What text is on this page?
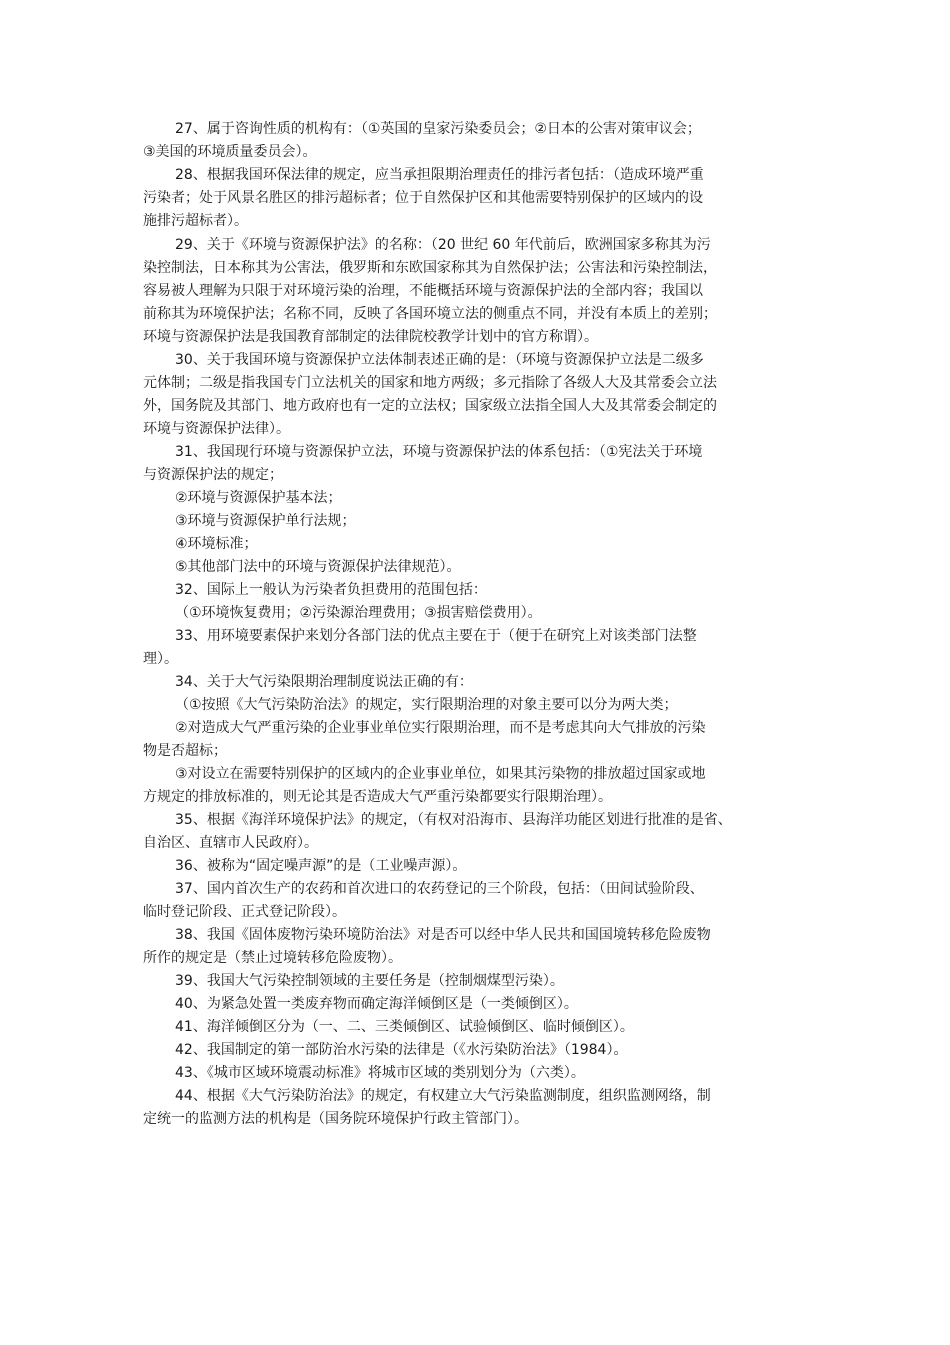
27、属于咨询性质的机构有：（①英国的皇家污染委员会；②日本的公害对策审议会；

③美国的环境质量委员会）。

28、根据我国环保法律的规定，应当承担限期治理责任的排污者包括：（造成环境严重

污染者；处于风景名胜区的排污超标者；位于自然保护区和其他需要特别保护的区域内的设

施排污超标者）。

29、关于《环境与资源保护法》的名称：（20 世纪 60 年代前后，欧洲国家多称其为污

染控制法，日本称其为公害法，俄罗斯和东欧国家称其为自然保护法；公害法和污染控制法，

容易被人理解为只限于对环境污染的治理，不能概括环境与资源保护法的全部内容；我国以

前称其为环境保护法；名称不同，反映了各国环境立法的侧重点不同，并没有本质上的差别；

环境与资源保护法是我国教育部制定的法律院校教学计划中的官方称谓）。

30、关于我国环境与资源保护立法体制表述正确的是：（环境与资源保护立法是二级多

元体制；二级是指我国专门立法机关的国家和地方两级；多元指除了各级人大及其常委会立法

外，国务院及其部门、地方政府也有一定的立法权；国家级立法指全国人大及其常委会制定的

环境与资源保护法律）。

31、我国现行环境与资源保护立法，环境与资源保护法的体系包括：（①宪法关于环境

与资源保护法的规定；

②环境与资源保护基本法；

③环境与资源保护单行法规；

④环境标准；

⑤其他部门法中的环境与资源保护法律规范）。

32、国际上一般认为污染者负担费用的范围包括：

（①环境恢复费用；②污染源治理费用；③损害赔偿费用）。

33、用环境要素保护来划分各部门法的优点主要在于（便于在研究上对该类部门法整

理）。

34、关于大气污染限期治理制度说法正确的有：

（①按照《大气污染防治法》的规定，实行限期治理的对象主要可以分为两大类；

②对造成大气严重污染的企业事业单位实行限期治理，而不是考虑其向大气排放的污染

物是否超标；

③对设立在需要特别保护的区域内的企业事业单位，如果其污染物的排放超过国家或地

方规定的排放标准的，则无论其是否造成大气严重污染都要实行限期治理）。

35、根据《海洋环境保护法》的规定，（有权对沿海市、县海洋功能区划进行批准的是省、

自治区、直辖市人民政府）。

36、被称为“固定噪声源”的是（工业噪声源）。

37、国内首次生产的农药和首次进口的农药登记的三个阶段，包括：（田间试验阶段、

临时登记阶段、正式登记阶段）。

38、我国《固体废物污染环境防治法》对是否可以经中华人民共和国国境转移危险废物

所作的规定是（禁止过境转移危险废物）。

39、我国大气污染控制领域的主要任务是（控制烟煤型污染）。

40、为紧急处置一类废弃物而确定海洋倾倒区是（一类倾倒区）。

41、海洋倾倒区分为（一、二、三类倾倒区、试验倾倒区、临时倾倒区）。

42、我国制定的第一部防治水污染的法律是（《水污染防治法》（1984）。

43、《城市区域环境震动标准》将城市区域的类别划分为（六类）。

44、根据《大气污染防治法》的规定，有权建立大气污染监测制度，组织监测网络，制

定统一的监测方法的机构是（国务院环境保护行政主管部门）。
